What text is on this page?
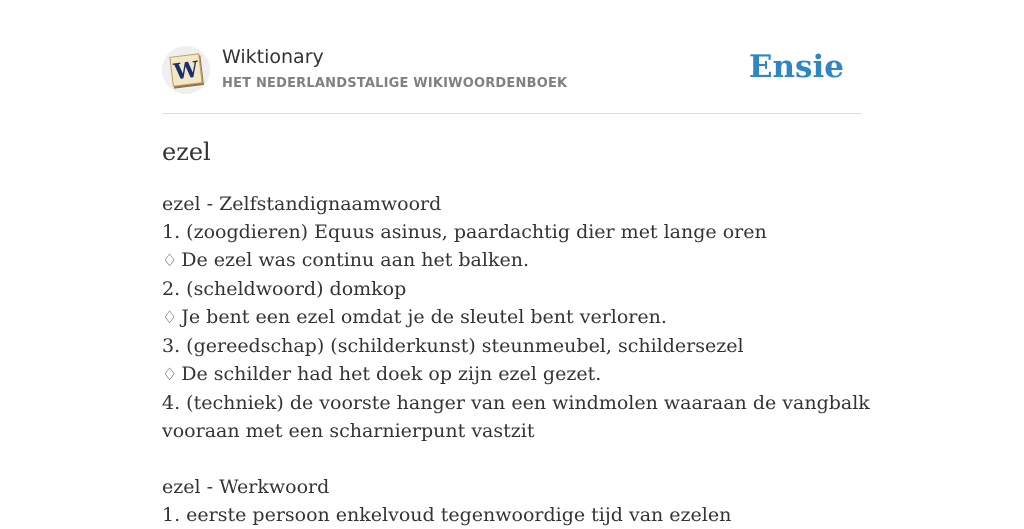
W Wiktionary
HET NEDERLANDSTALIGE WIKIWOORDENBOEK	Ensie
ezel
ezel - Zelfstandignaamwoord
1. (zoogdieren) Equus asinus, paardachtig dier met lange oren
♢ De ezel was continu aan het balken.
2. (scheldwoord) domkop
♢ Je bent een ezel omdat je de sleutel bent verloren.
3. (gereedschap) (schilderkunst) steunmeubel, schildersezel
♢ De schilder had het doek op zijn ezel gezet.
4. (techniek) de voorste hanger van een windmolen waaraan de vangbalk vooraan met een scharnierpunt vastzit
ezel - Werkwoord
1. eerste persoon enkelvoud tegenwoordige tijd van ezelen
